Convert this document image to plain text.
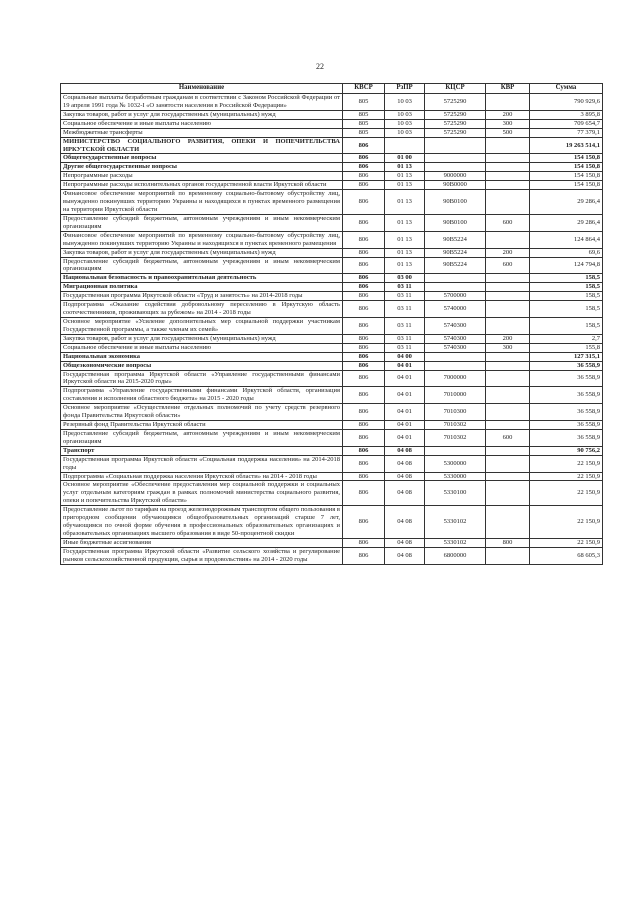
22
Наименование	КВСР	РзПР	КЦСР	КВР	Сумма
Социальные выплаты безработным гражданам в соответствии с Законом Российской Федерации от 19 апреля 1991 года № 1032-I «О занятости населения в Российской Федерации»	805	10 03	5725290		790 929,6
Закупка товаров, работ и услуг для государственных (муниципальных) нужд	805	10 03	5725290	200	3 895,8
Социальное обеспечение и иные выплаты населению	805	10 03	5725290	300	709 654,7
Межбюджетные трансферты	805	10 03	5725290	500	77 379,1
МИНИСТЕРСТВО СОЦИАЛЬНОГО РАЗВИТИЯ, ОПЕКИ И ПОПЕЧИТЕЛЬСТВА ИРКУТСКОЙ ОБЛАСТИ	806				19 263 514,1
Общегосударственные вопросы	806	01 00			154 150,8
Другие общегосударственные вопросы	806	01 13			154 150,8
Непрограммные расходы	806	01 13	9000000		154 150,8
Непрограммные расходы исполнительных органов государственной власти Иркутской области	806	01 13	90В0000		154 150,8
Финансовое обеспечение мероприятий по временному социально-бытовому обустройству лиц, вынужденно покинувших территорию Украины и находящихся в пунктах временного размещения на территории Иркутской области	806	01 13	90В0100		29 286,4
Предоставление субсидий бюджетным, автономным учреждениям и иным некоммерческим организациям	806	01 13	90В0100	600	29 286,4
Финансовое обеспечение мероприятий по временному социально-бытовому обустройству лиц, вынужденно покинувших территорию Украины и находящихся в пунктах временного размещения	806	01 13	90В5224		124 864,4
Закупка товаров, работ и услуг для государственных (муниципальных) нужд	806	01 13	90В5224	200	69,6
Предоставление субсидий бюджетным, автономным учреждениям и иным некоммерческим организациям	806	01 13	90В5224	600	124 794,8
Национальная безопасность и правоохранительная деятельность	806	03 00			158,5
Миграционная политика	806	03 11			158,5
Государственная программа Иркутской области «Труд и занятость» на 2014-2018 годы	806	03 11	5700000		158,5
Подпрограмма «Оказание содействия добровольному переселению в Иркутскую область соотечественников, проживающих за рубежом» на 2014 - 2018 годы	806	03 11	5740000		158,5
Основное мероприятие «Усиление дополнительных мер социальной поддержки участникам Государственной программы, а также членам их семей»	806	03 11	5740300		158,5
Закупка товаров, работ и услуг для государственных (муниципальных) нужд	806	03 11	5740300	200	2,7
Социальное обеспечение и иные выплаты населению	806	03 11	5740300	300	155,8
Национальная экономика	806	04 00			127 315,1
Общеэкономические вопросы	806	04 01			36 558,9
Государственная программа Иркутской области «Управление государственными финансами Иркутской области на 2015-2020 годы»	806	04 01	7000000		36 558,9
Подпрограмма «Управление государственными финансами Иркутской области, организация составления и исполнения областного бюджета» на 2015 - 2020 годы	806	04 01	7010000		36 558,9
Основное мероприятие «Осуществление отдельных полномочий по учету средств резервного фонда Правительства Иркутской области»	806	04 01	7010300		36 558,9
Резервный фонд Правительства Иркутской области	806	04 01	7010302		36 558,9
Предоставление субсидий бюджетным, автономным учреждениям и иным некоммерческим организациям	806	04 01	7010302	600	36 558,9
Транспорт	806	04 08			90 756,2
Государственная программа Иркутской области «Социальная поддержка населения» на 2014-2018 годы	806	04 08	5300000		22 150,9
Подпрограмма «Социальная поддержка населения Иркутской области» на 2014 - 2018 годы	806	04 08	5330000		22 150,9
Основное мероприятие «Обеспечение предоставления мер социальной поддержки и социальных услуг отдельным категориям граждан в рамках полномочий министерства социального развития, опеки и попечительства Иркутской области»	806	04 08	5330100		22 150,9
Предоставление льгот по тарифам на проезд железнодорожным транспортом общего пользования в пригородном сообщении обучающимся общеобразовательных организаций старше 7 лет, обучающимся по очной форме обучения в профессиональных образовательных организациях и образовательных организациях высшего образования в виде 50-процентной скидки	806	04 08	5330102		22 150,9
Иные бюджетные ассигнования	806	04 08	5330102	800	22 150,9
Государственная программа Иркутской области «Развитие сельского хозяйства и регулирование рынков сельскохозяйственной продукции, сырья и продовольствия» на 2014 - 2020 годы	806	04 08	6800000		68 605,3
